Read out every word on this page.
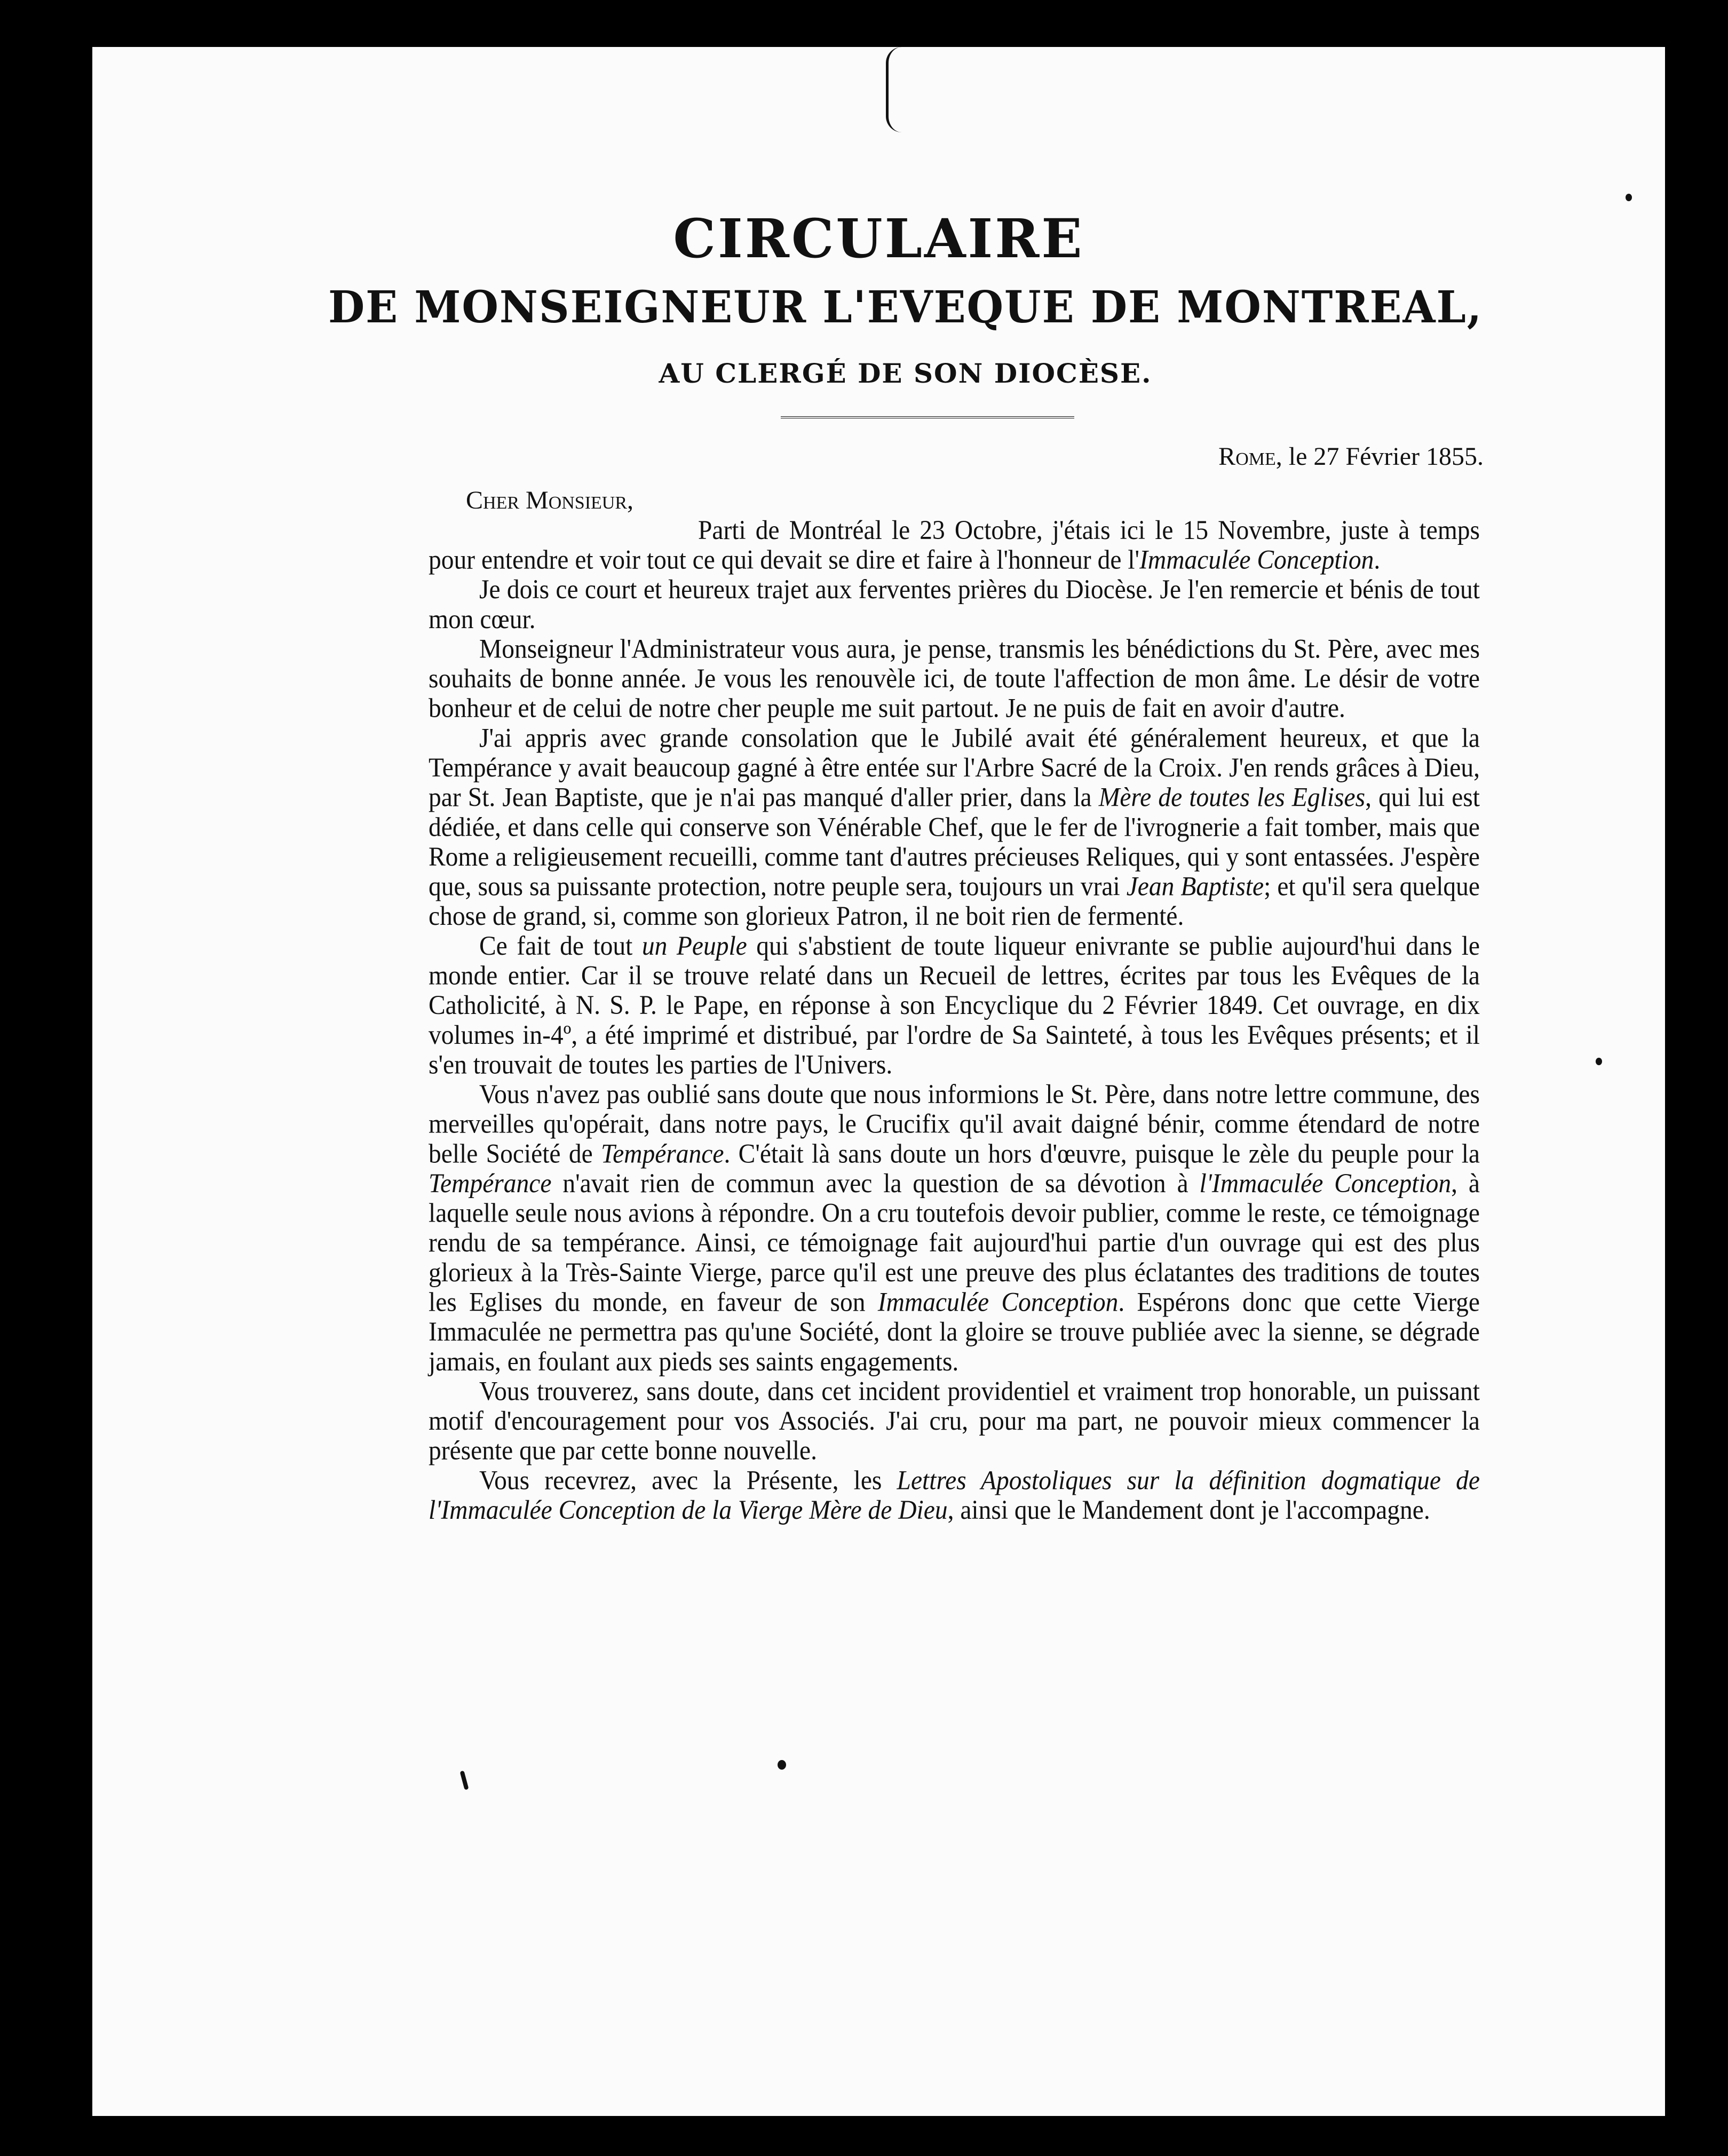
CIRCULAIRE
DE MONSEIGNEUR L'EVEQUE DE MONTREAL,
AU CLERGÉ DE SON DIOCÈSE.
Rome, le 27 Février 1855.
Cher Monsieur,

Parti de Montréal le 23 Octobre, j'étais ici le 15 Novembre, juste à temps pour entendre et voir tout ce qui devait se dire et faire à l'honneur de l'Immaculée Conception.

Je dois ce court et heureux trajet aux ferventes prières du Diocèse. Je l'en remercie et bénis de tout mon cœur.

Monseigneur l'Administrateur vous aura, je pense, transmis les bénédictions du St. Père, avec mes souhaits de bonne année. Je vous les renouvèle ici, de toute l'affection de mon âme. Le désir de votre bonheur et de celui de notre cher peuple me suit partout. Je ne puis de fait en avoir d'autre.

J'ai appris avec grande consolation que le Jubilé avait été généralement heureux, et que la Tempérance y avait beaucoup gagné à être entée sur l'Arbre Sacré de la Croix. J'en rends grâces à Dieu, par St. Jean Baptiste, que je n'ai pas manqué d'aller prier, dans la Mère de toutes les Eglises, qui lui est dédiée, et dans celle qui conserve son Vénérable Chef, que le fer de l'ivrognerie a fait tomber, mais que Rome a religieusement recueilli, comme tant d'autres précieuses Reliques, qui y sont entassées. J'espère que, sous sa puissante protection, notre peuple sera, toujours un vrai Jean Baptiste; et qu'il sera quelque chose de grand, si, comme son glorieux Patron, il ne boit rien de fermenté.

Ce fait de tout un Peuple qui s'abstient de toute liqueur enivrante se publie aujourd'hui dans le monde entier. Car il se trouve relaté dans un Recueil de lettres, écrites par tous les Evêques de la Catholicité, à N. S. P. le Pape, en réponse à son Encyclique du 2 Février 1849. Cet ouvrage, en dix volumes in-4º, a été imprimé et distribué, par l'ordre de Sa Sainteté, à tous les Evêques présents; et il s'en trouvait de toutes les parties de l'Univers.

Vous n'avez pas oublié sans doute que nous informions le St. Père, dans notre lettre commune, des merveilles qu'opérait, dans notre pays, le Crucifix qu'il avait daigné bénir, comme étendard de notre belle Société de Tempérance. C'était là sans doute un hors d'œuvre, puisque le zèle du peuple pour la Tempérance n'avait rien de commun avec la question de sa dévotion à l'Immaculée Conception, à laquelle seule nous avions à répondre. On a cru toutefois devoir publier, comme le reste, ce témoignage rendu de sa tempérance. Ainsi, ce témoignage fait aujourd'hui partie d'un ouvrage qui est des plus glorieux à la Très-Sainte Vierge, parce qu'il est une preuve des plus éclatantes des traditions de toutes les Eglises du monde, en faveur de son Immaculée Conception. Espérons donc que cette Vierge Immaculée ne permettra pas qu'une Société, dont la gloire se trouve publiée avec la sienne, se dégrade jamais, en foulant aux pieds ses saints engagements.

Vous trouverez, sans doute, dans cet incident providentiel et vraiment trop honorable, un puissant motif d'encouragement pour vos Associés. J'ai cru, pour ma part, ne pouvoir mieux commencer la présente que par cette bonne nouvelle.

Vous recevrez, avec la Présente, les Lettres Apostoliques sur la définition dogmatique de l'Immaculée Conception de la Vierge Mère de Dieu, ainsi que le Mandement dont je l'accompagne.
